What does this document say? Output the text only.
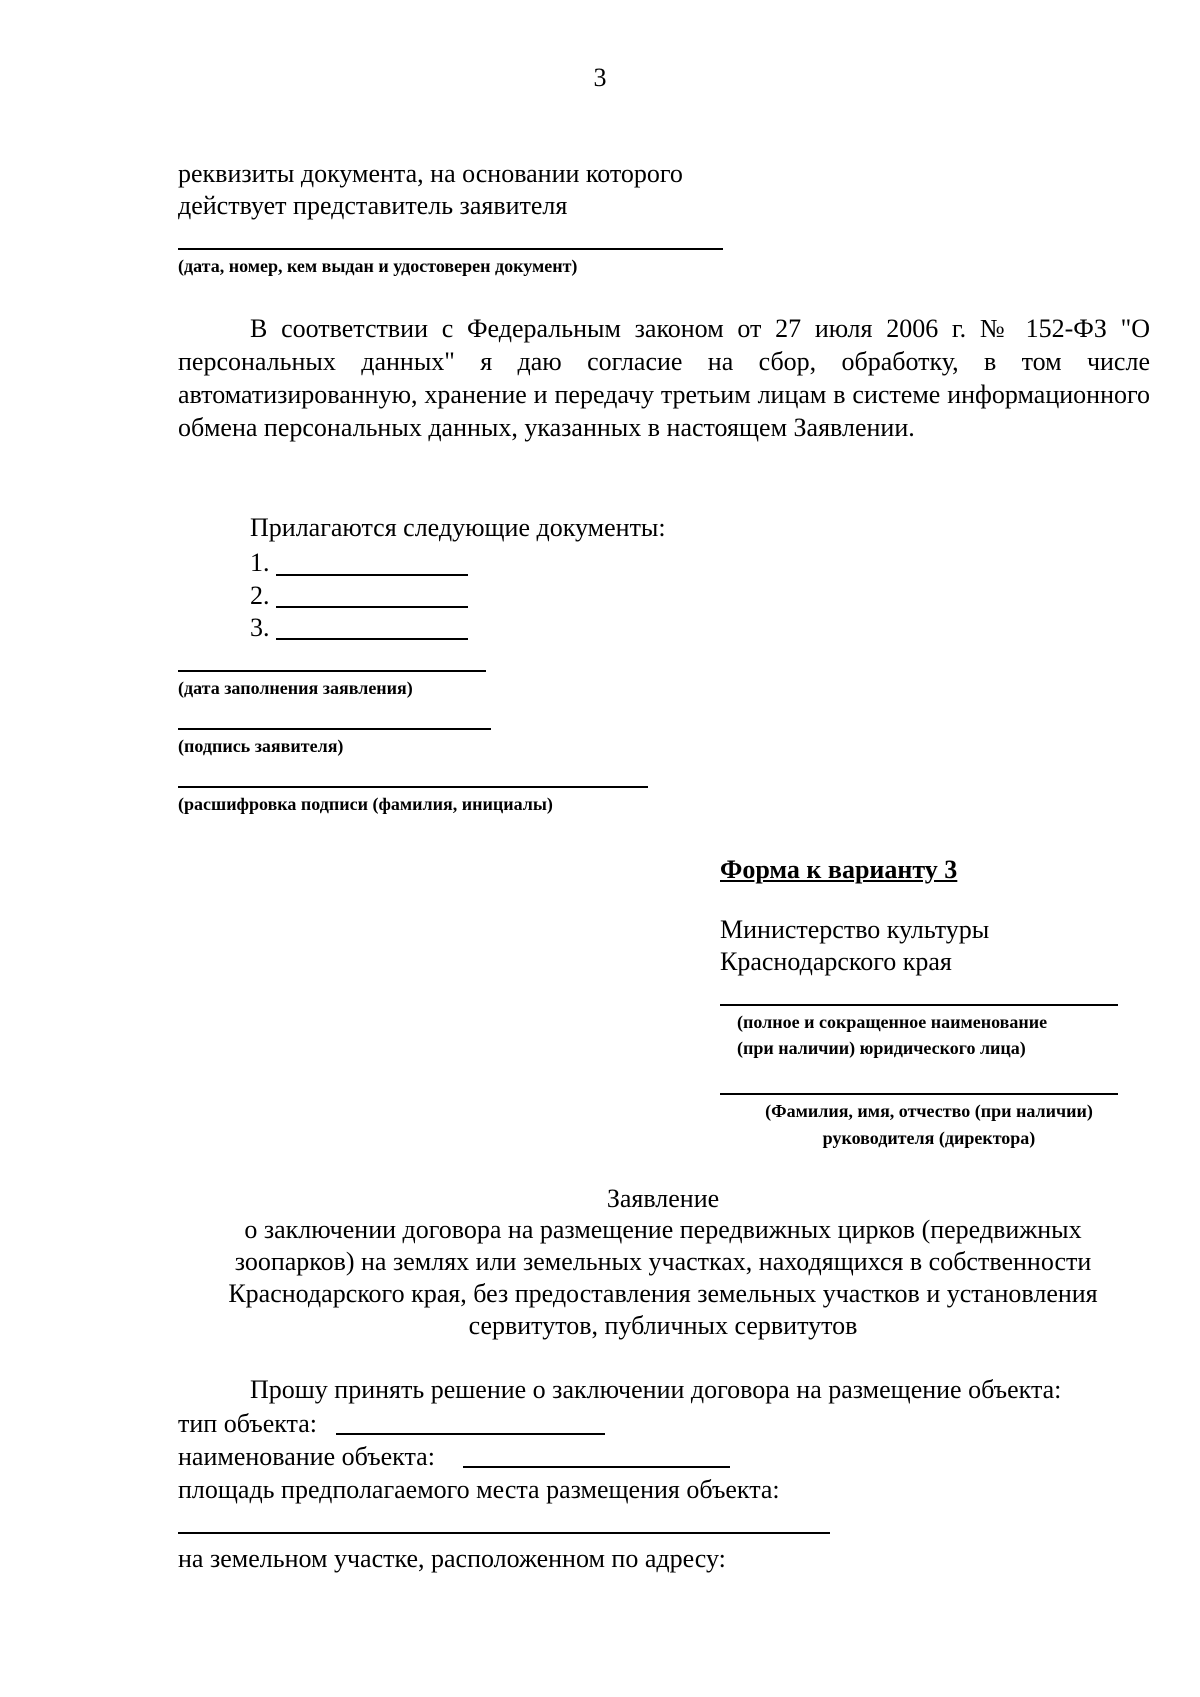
3
реквизиты документа, на основании которого
действует представитель заявителя
(дата, номер, кем выдан и удостоверен документ)
В соответствии с Федеральным законом от 27 июля 2006 г. № 152-ФЗ "О персональных данных" я даю согласие на сбор, обработку, в том числе автоматизированную, хранение и передачу третьим лицам в системе информационного обмена персональных данных, указанных в настоящем Заявлении.
Прилагаются следующие документы:
1.
2.
3.
(дата заполнения заявления)
(подпись заявителя)
(расшифровка подписи (фамилия, инициалы)
Форма к варианту 3
Министерство культуры
Краснодарского края
(полное и сокращенное наименование
(при наличии) юридического лица)
(Фамилия, имя, отчество (при наличии)
руководителя (директора)
Заявление
о заключении договора на размещение передвижных цирков (передвижных
зоопарков) на землях или земельных участках, находящихся в собственности
Краснодарского края, без предоставления земельных участков и установления
сервитутов, публичных сервитутов
Прошу принять решение о заключении договора на размещение объекта:
тип объекта:
наименование объекта:
площадь предполагаемого места размещения объекта:
на земельном участке, расположенном по адресу:
